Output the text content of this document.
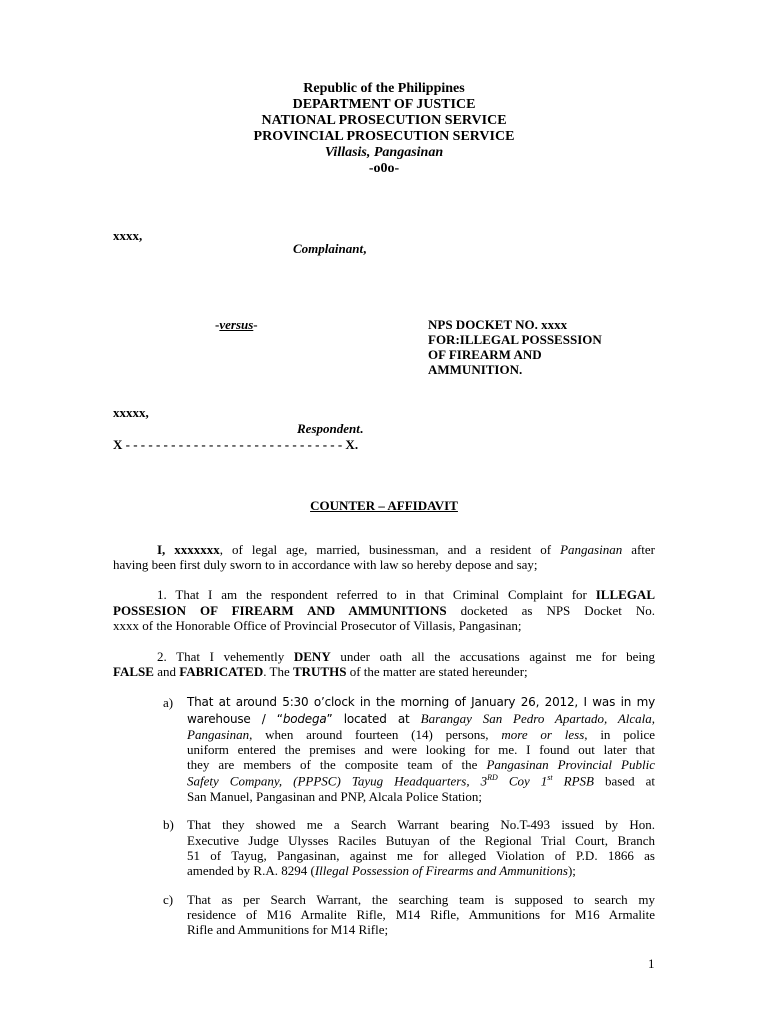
Republic of the Philippines
DEPARTMENT OF JUSTICE
NATIONAL PROSECUTION SERVICE
PROVINCIAL PROSECUTION SERVICE
Villasis, Pangasinan
-o0o-
xxxx,
Complainant,
-versus-	NPS DOCKET NO. xxxx
FOR:ILLEGAL POSSESSION
OF FIREARM AND
AMMUNITION.
xxxxx,
Respondent.
X - - - - - - - - - - - - - - - - - - - - - - - - - - - - - X.
COUNTER – AFFIDAVIT
I, xxxxxxx, of legal age, married, businessman, and a resident of Pangasinan after
having been first duly sworn to in accordance with law so hereby depose and say;
1. That I am the respondent referred to in that Criminal Complaint for ILLEGAL
POSSESION OF FIREARM AND AMMUNITIONS docketed as NPS Docket No.
xxxx of the Honorable Office of Provincial Prosecutor of Villasis, Pangasinan;
2. That I vehemently DENY under oath all the accusations against me for being
FALSE and FABRICATED. The TRUTHS of the matter are stated hereunder;
a) That at around 5:30 o’clock in the morning of January 26, 2012, I was in my
warehouse / “bodega” located at Barangay San Pedro Apartado, Alcala,
Pangasinan, when around fourteen (14) persons, more or less, in police
uniform entered the premises and were looking for me. I found out later that
they are members of the composite team of the Pangasinan Provincial Public
Safety Company, (PPPSC) Tayug Headquarters, 3RD Coy 1st RPSB based at
San Manuel, Pangasinan and PNP, Alcala Police Station;
b) That they showed me a Search Warrant bearing No.T-493 issued by Hon.
Executive Judge Ulysses Raciles Butuyan of the Regional Trial Court, Branch
51 of Tayug, Pangasinan, against me for alleged Violation of P.D. 1866 as
amended by R.A. 8294 (Illegal Possession of Firearms and Ammunitions);
c) That as per Search Warrant, the searching team is supposed to search my
residence of M16 Armalite Rifle, M14 Rifle, Ammunitions for M16 Armalite
Rifle and Ammunitions for M14 Rifle;
1
